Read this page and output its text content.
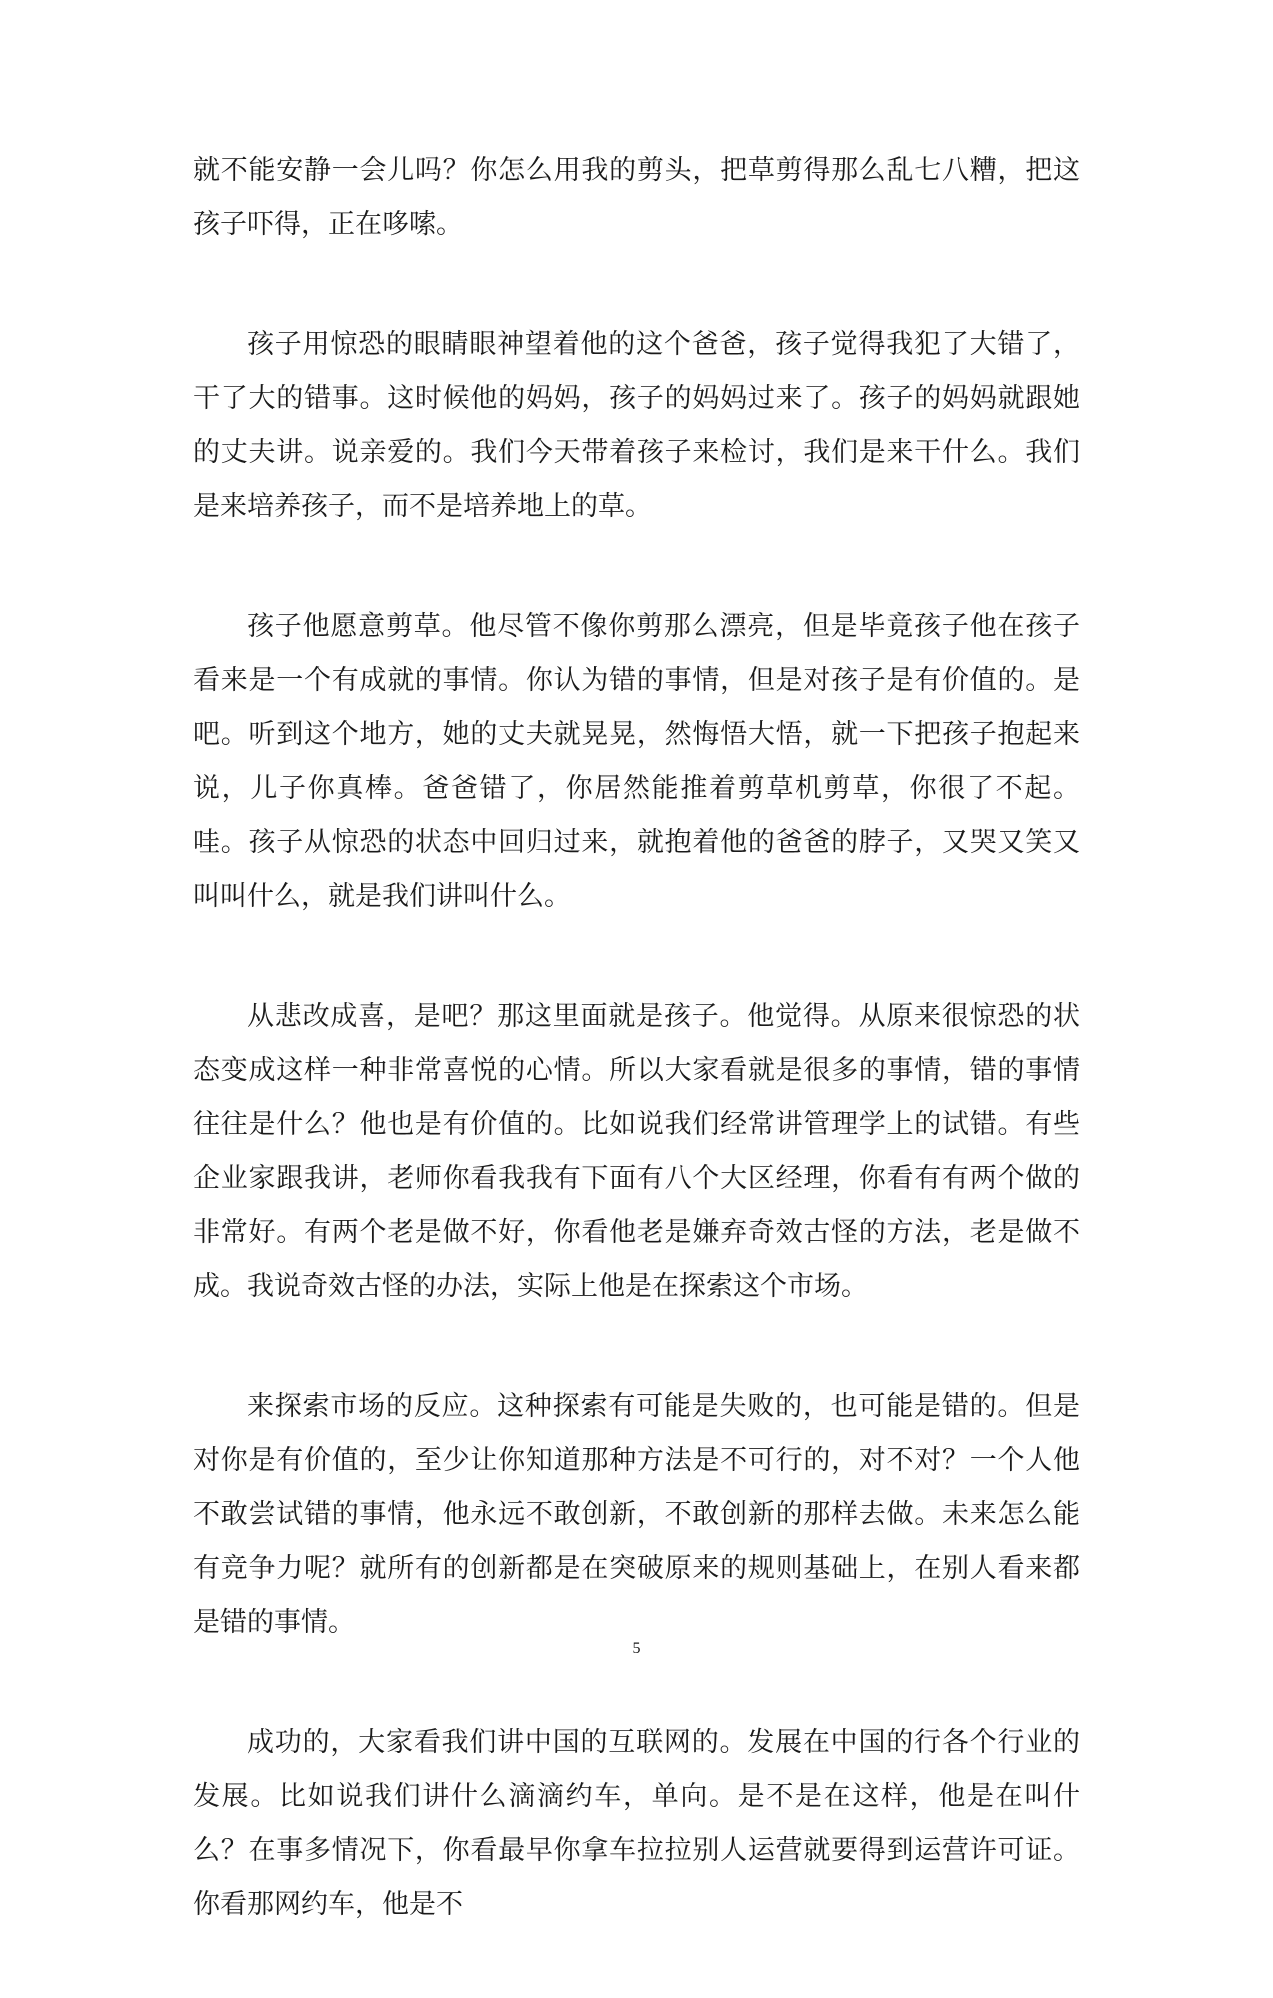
就不能安静一会儿吗？你怎么用我的剪头，把草剪得那么乱七八糟，把这孩子吓得，正在哆嗦。

孩子用惊恐的眼睛眼神望着他的这个爸爸，孩子觉得我犯了大错了，干了大的错事。这时候他的妈妈，孩子的妈妈过来了。孩子的妈妈就跟她的丈夫讲。说亲爱的。我们今天带着孩子来检讨，我们是来干什么。我们是来培养孩子，而不是培养地上的草。

孩子他愿意剪草。他尽管不像你剪那么漂亮，但是毕竟孩子他在孩子看来是一个有成就的事情。你认为错的事情，但是对孩子是有价值的。是吧。听到这个地方，她的丈夫就晃晃，然悔悟大悟，就一下把孩子抱起来说，儿子你真棒。爸爸错了，你居然能推着剪草机剪草，你很了不起。哇。孩子从惊恐的状态中回归过来，就抱着他的爸爸的脖子，又哭又笑又叫叫什么，就是我们讲叫什么。

从悲改成喜，是吧？那这里面就是孩子。他觉得。从原来很惊恐的状态变成这样一种非常喜悦的心情。所以大家看就是很多的事情，错的事情往往是什么？他也是有价值的。比如说我们经常讲管理学上的试错。有些企业家跟我讲，老师你看我我有下面有八个大区经理，你看有有两个做的非常好。有两个老是做不好，你看他老是嫌弃奇效古怪的方法，老是做不成。我说奇效古怪的办法，实际上他是在探索这个市场。

来探索市场的反应。这种探索有可能是失败的，也可能是错的。但是对你是有价值的，至少让你知道那种方法是不可行的，对不对？一个人他不敢尝试错的事情，他永远不敢创新，不敢创新的那样去做。未来怎么能有竞争力呢？就所有的创新都是在突破原来的规则基础上，在别人看来都是错的事情。

成功的，大家看我们讲中国的互联网的。发展在中国的行各个行业的发展。比如说我们讲什么滴滴约车，单向。是不是在这样，他是在叫什么？在事多情况下，你看最早你拿车拉拉别人运营就要得到运营许可证。你看那网约车，他是不

5
